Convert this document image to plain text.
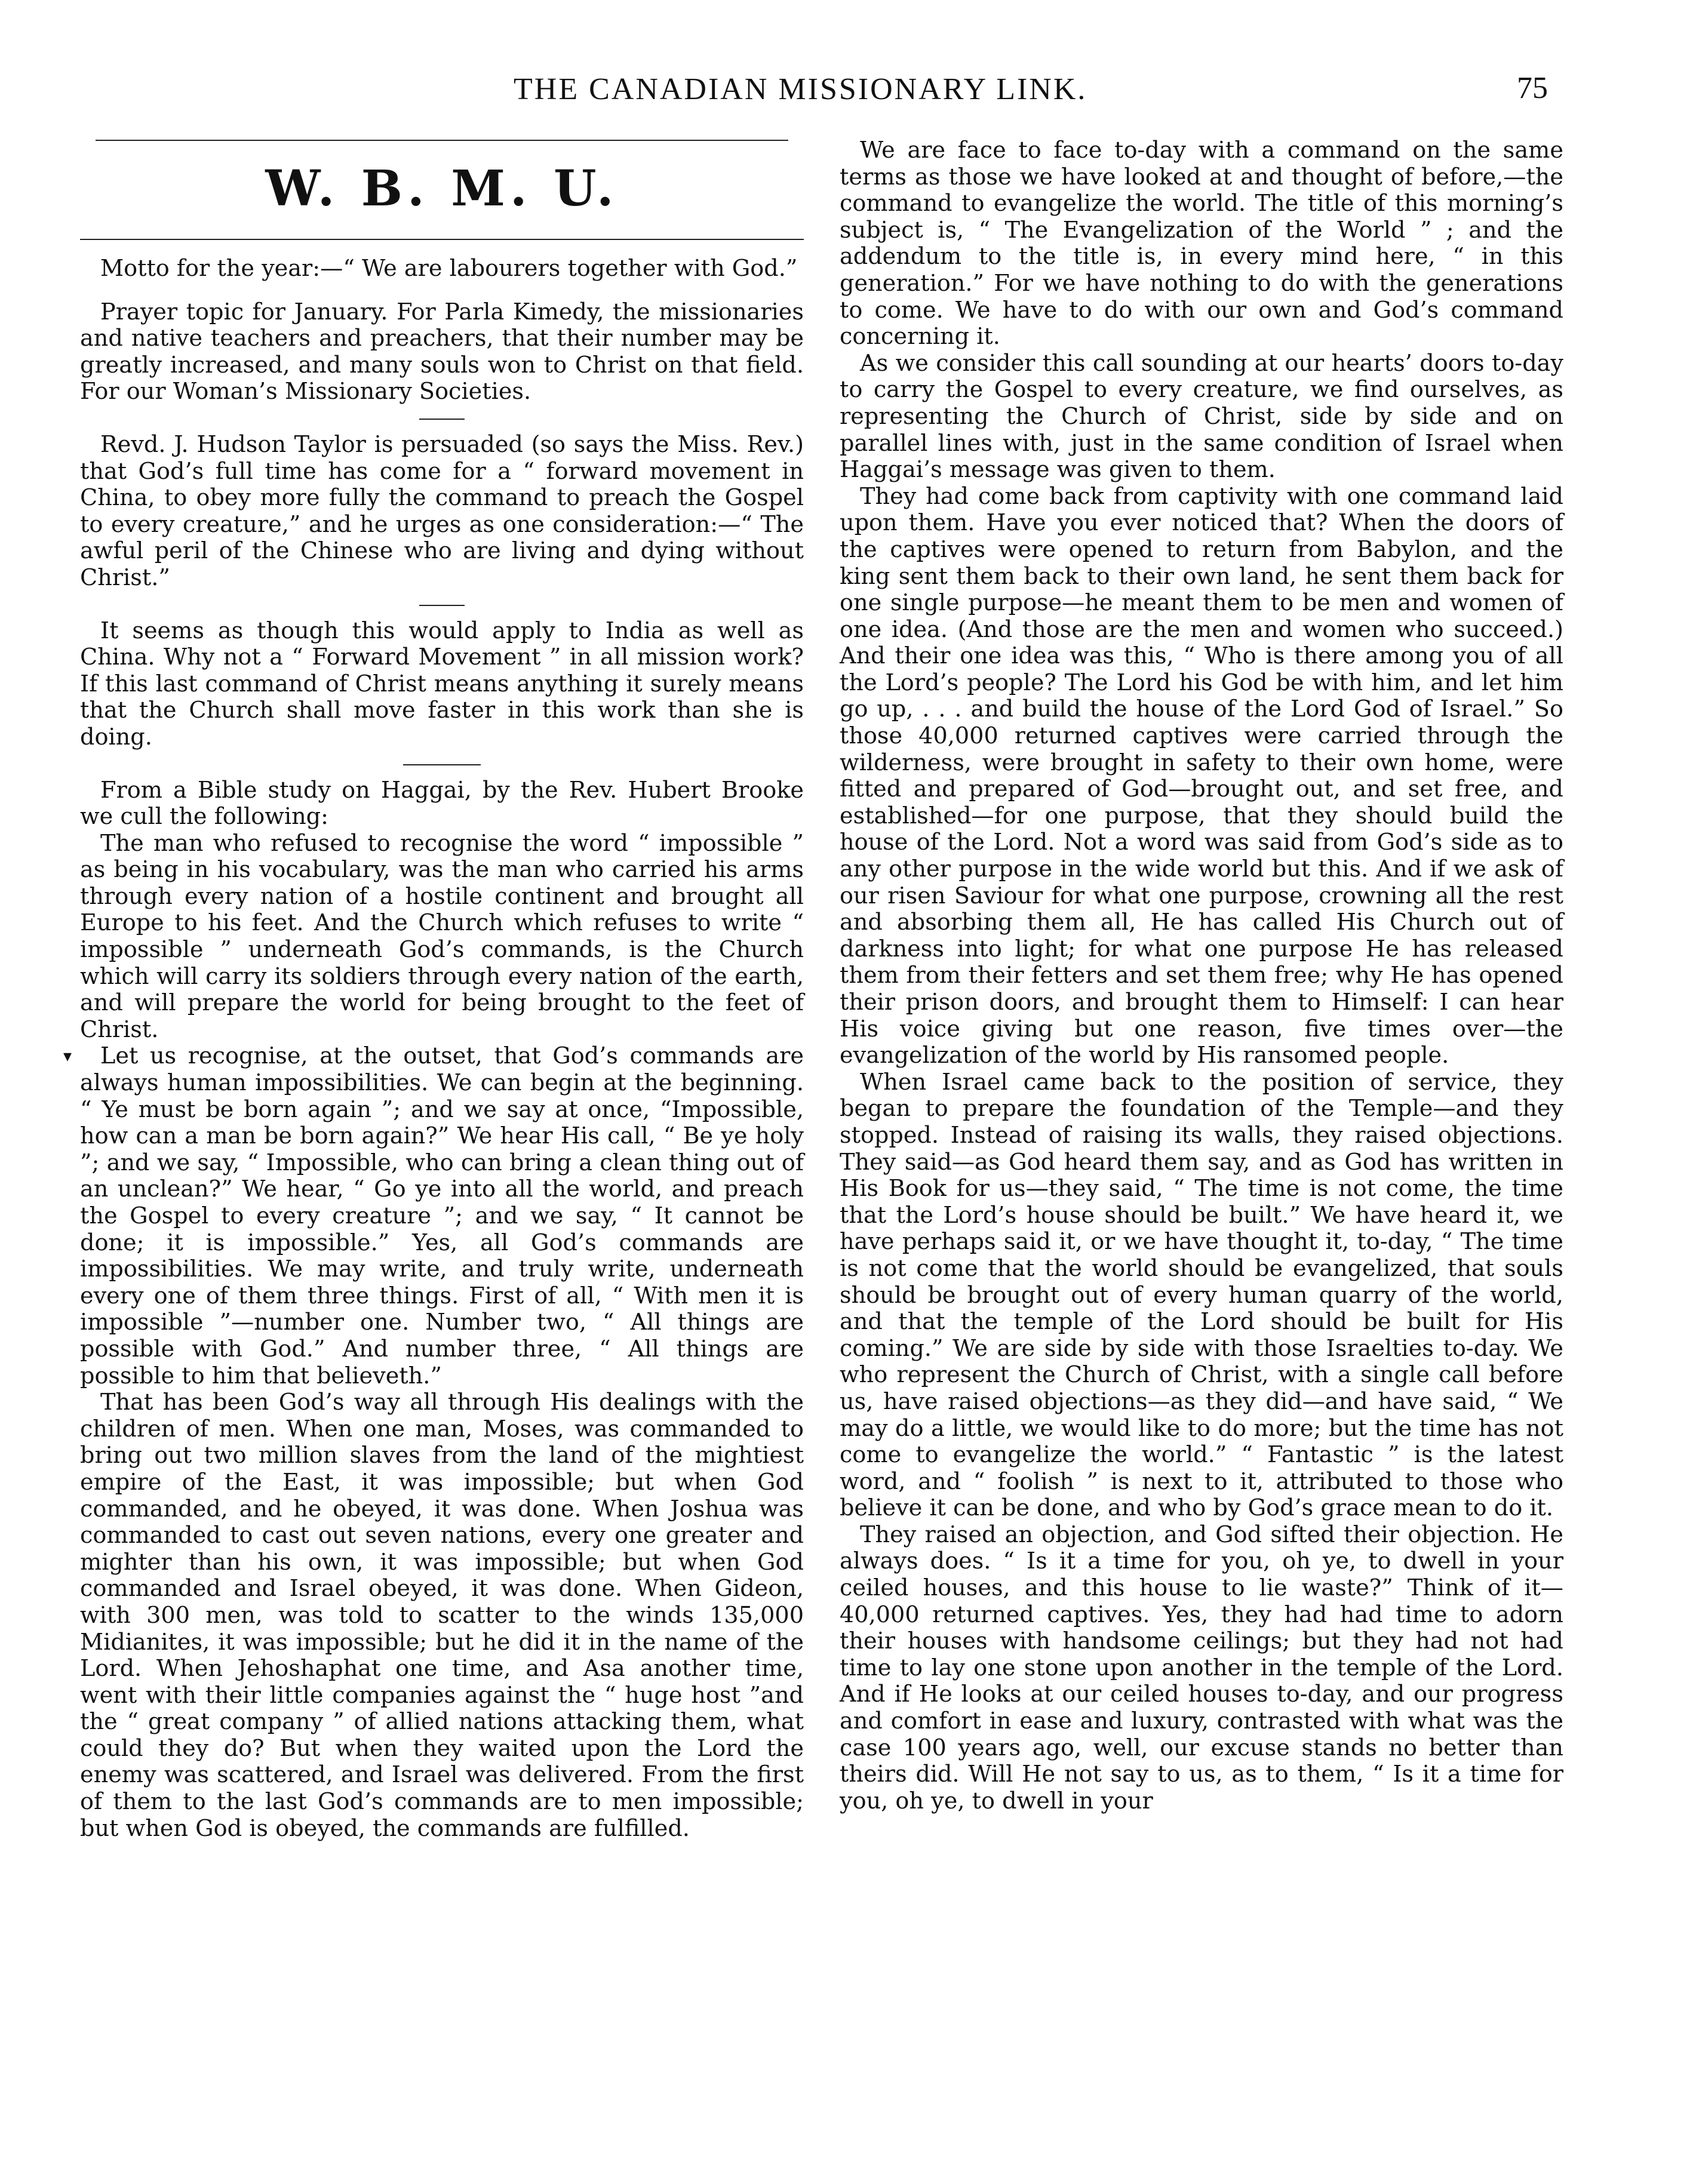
THE CANADIAN MISSIONARY LINK.	75
W. B. M. U.

Motto for the year:—“ We are labourers together with God.”

Prayer topic for January. For Parla Kimedy, the missionaries and native teachers and preachers, that their number may be greatly increased, and many souls won to Christ on that field. For our Woman’s Missionary Societies.

Revd. J. Hudson Taylor is persuaded (so says the Miss. Rev.) that God’s full time has come for a “ forward movement in China, to obey more fully the command to preach the Gospel to every creature,” and he urges as one consideration:—“ The awful peril of the Chinese who are living and dying without Christ.”

It seems as though this would apply to India as well as China. Why not a “ Forward Movement ” in all mission work? If this last command of Christ means anything it surely means that the Church shall move faster in this work than she is doing.

From a Bible study on Haggai, by the Rev. Hubert Brooke we cull the following:

The man who refused to recognise the word “ impossible ” as being in his vocabulary, was the man who carried his arms through every nation of a hostile continent and brought all Europe to his feet. And the Church which refuses to write “ impossible ” underneath God’s commands, is the Church which will carry its soldiers through every nation of the earth, and will prepare the world for being brought to the feet of Christ.

▾ Let us recognise, at the outset, that God’s commands are always human impossibilities. We can begin at the beginning. “ Ye must be born again ”; and we say at once, “Impossible, how can a man be born again?” We hear His call, “ Be ye holy ”; and we say, “ Impossible, who can bring a clean thing out of an unclean?” We hear, “ Go ye into all the world, and preach the Gospel to every creature ”; and we say, “ It cannot be done; it is impossible.” Yes, all God’s commands are impossibilities. We may write, and truly write, underneath every one of them three things. First of all, “ With men it is impossible ”—number one. Number two, “ All things are possible with God.” And number three, “ All things are possible to him that believeth.”

That has been God’s way all through His dealings with the children of men. When one man, Moses, was commanded to bring out two million slaves from the land of the mightiest empire of the East, it was impossible; but when God commanded, and he obeyed, it was done. When Joshua was commanded to cast out seven nations, every one greater and mighter than his own, it was impossible; but when God commanded and Israel obeyed, it was done. When Gideon, with 300 men, was told to scatter to the winds 135,000 Midianites, it was impossible; but he did it in the name of the Lord. When Jehoshaphat one time, and Asa another time, went with their little companies against the “ huge host ”and the “ great company ” of allied nations attacking them, what could they do? But when they waited upon the Lord the enemy was scattered, and Israel was delivered. From the first of them to the last God’s commands are to men impossible; but when God is obeyed, the commands are fulfilled.

We are face to face to-day with a command on the same terms as those we have looked at and thought of before,—the command to evangelize the world. The title of this morning’s subject is, “ The Evangelization of the World ” ; and the addendum to the title is, in every mind here, “ in this generation.” For we have nothing to do with the generations to come. We have to do with our own and God’s command concerning it.

As we consider this call sounding at our hearts’ doors to-day to carry the Gospel to every creature, we find ourselves, as representing the Church of Christ, side by side and on parallel lines with, just in the same condition of Israel when Haggai’s message was given to them.

They had come back from captivity with one command laid upon them. Have you ever noticed that? When the doors of the captives were opened to return from Babylon, and the king sent them back to their own land, he sent them back for one single purpose—he meant them to be men and women of one idea. (And those are the men and women who succeed.) And their one idea was this, “ Who is there among you of all the Lord’s people? The Lord his God be with him, and let him go up, . . . and build the house of the Lord God of Israel.” So those 40,000 returned captives were carried through the wilderness, were brought in safety to their own home, were fitted and prepared of God—brought out, and set free, and established—for one purpose, that they should build the house of the Lord. Not a word was said from God’s side as to any other purpose in the wide world but this. And if we ask of our risen Saviour for what one purpose, crowning all the rest and absorbing them all, He has called His Church out of darkness into light; for what one purpose He has released them from their fetters and set them free; why He has opened their prison doors, and brought them to Himself: I can hear His voice giving but one reason, five times over—the evangelization of the world by His ransomed people.

When Israel came back to the position of service, they began to prepare the foundation of the Temple—and they stopped. Instead of raising its walls, they raised objections. They said—as God heard them say, and as God has written in His Book for us—they said, “ The time is not come, the time that the Lord’s house should be built.” We have heard it, we have perhaps said it, or we have thought it, to-day, “ The time is not come that the world should be evangelized, that souls should be brought out of every human quarry of the world, and that the temple of the Lord should be built for His coming.” We are side by side with those Israelties to-day. We who represent the Church of Christ, with a single call before us, have raised objections—as they did—and have said, “ We may do a little, we would like to do more; but the time has not come to evangelize the world.” “ Fantastic ” is the latest word, and “ foolish ” is next to it, attributed to those who believe it can be done, and who by God’s grace mean to do it.

They raised an objection, and God sifted their objection. He always does. “ Is it a time for you, oh ye, to dwell in your ceiled houses, and this house to lie waste?” Think of it—40,000 returned captives. Yes, they had had time to adorn their houses with handsome ceilings; but they had not had time to lay one stone upon another in the temple of the Lord. And if He looks at our ceiled houses to-day, and our progress and comfort in ease and luxury, contrasted with what was the case 100 years ago, well, our excuse stands no better than theirs did. Will He not say to us, as to them, “ Is it a time for you, oh ye, to dwell in your
